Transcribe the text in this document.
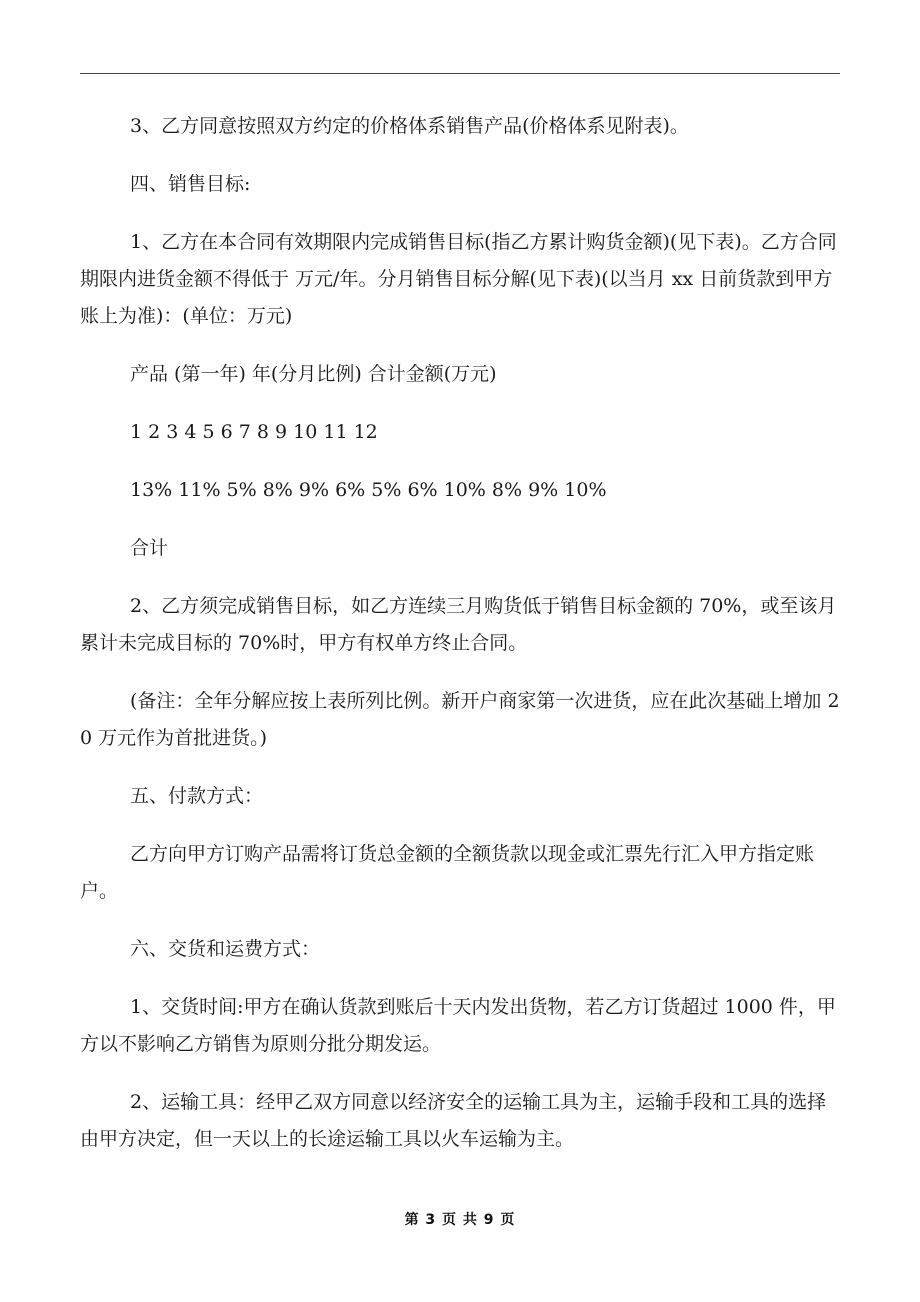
3、乙方同意按照双方约定的价格体系销售产品(价格体系见附表)。

四、销售目标:

1、乙方在本合同有效期限内完成销售目标(指乙方累计购货金额)(见下表)。乙方合同期限内进货金额不得低于 万元/年。分月销售目标分解(见下表)(以当月 xx 日前货款到甲方账上为准)：(单位：万元)

产品 (第一年) 年(分月比例) 合计金额(万元)

1 2 3 4 5 6 7 8 9 10 11 12

13% 11% 5% 8% 9% 6% 5% 6% 10% 8% 9% 10%

合计

2、乙方须完成销售目标，如乙方连续三月购货低于销售目标金额的 70%，或至该月累计未完成目标的 70%时，甲方有权单方终止合同。

(备注：全年分解应按上表所列比例。新开户商家第一次进货，应在此次基础上增加 20 万元作为首批进货。)

五、付款方式：

乙方向甲方订购产品需将订货总金额的全额货款以现金或汇票先行汇入甲方指定账户。

六、交货和运费方式：

1、交货时间:甲方在确认货款到账后十天内发出货物，若乙方订货超过 1000 件，甲方以不影响乙方销售为原则分批分期发运。

2、运输工具：经甲乙双方同意以经济安全的运输工具为主，运输手段和工具的选择由甲方决定，但一天以上的长途运输工具以火车运输为主。

第 3 页 共 9 页
